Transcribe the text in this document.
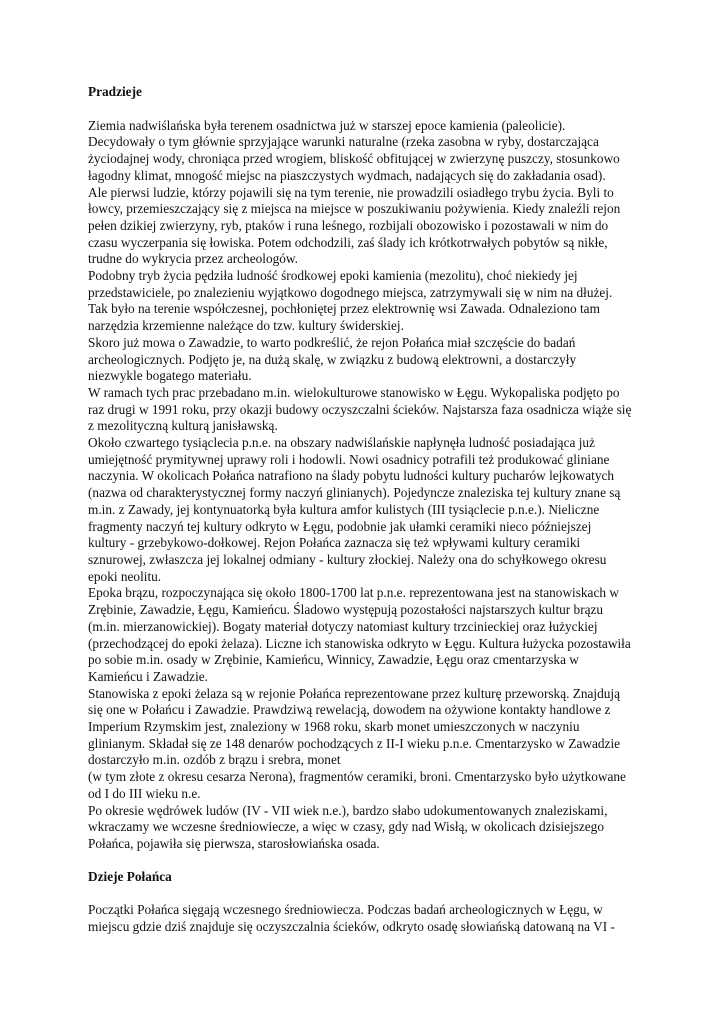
Pradzieje
Ziemia nadwiślańska była terenem osadnictwa już w starszej epoce kamienia (paleolicie).
Decydowały o tym głównie sprzyjające warunki naturalne (rzeka zasobna w ryby, dostarczająca
życiodajnej wody, chroniąca przed wrogiem, bliskość obfitującej w zwierzynę puszczy, stosunkowo
łagodny klimat, mnogość miejsc na piaszczystych wydmach, nadających się do zakładania osad).
Ale pierwsi ludzie, którzy pojawili się na tym terenie, nie prowadzili osiadłego trybu życia. Byli to
łowcy, przemieszczający się z miejsca na miejsce w poszukiwaniu pożywienia. Kiedy znaleźli rejon
pełen dzikiej zwierzyny, ryb, ptaków i runa leśnego, rozbijali obozowisko i pozostawali w nim do
czasu wyczerpania się łowiska. Potem odchodzili, zaś ślady ich krótkotrwałych pobytów są nikłe,
trudne do wykrycia przez archeologów.
Podobny tryb życia pędziła ludność środkowej epoki kamienia (mezolitu), choć niekiedy jej
przedstawiciele, po znalezieniu wyjątkowo dogodnego miejsca, zatrzymywali się w nim na dłużej.
Tak było na terenie współczesnej, pochłoniętej przez elektrownię wsi Zawada. Odnaleziono tam
narzędzia krzemienne należące do tzw. kultury świderskiej.
Skoro już mowa o Zawadzie, to warto podkreślić, że rejon Połańca miał szczęście do badań
archeologicznych. Podjęto je, na dużą skalę, w związku z budową elektrowni, a dostarczyły
niezwykle bogatego materiału.
W ramach tych prac przebadano m.in. wielokulturowe stanowisko w Łęgu. Wykopaliska podjęto po
raz drugi w 1991 roku, przy okazji budowy oczyszczalni ścieków. Najstarsza faza osadnicza wiąże się
z mezolityczną kulturą janisławską.
Około czwartego tysiąclecia p.n.e. na obszary nadwiślańskie napłynęła ludność posiadająca już
umiejętność prymitywnej uprawy roli i hodowli. Nowi osadnicy potrafili też produkować gliniane
naczynia. W okolicach Połańca natrafiono na ślady pobytu ludności kultury pucharów lejkowatych
(nazwa od charakterystycznej formy naczyń glinianych). Pojedyncze znaleziska tej kultury znane są
m.in. z Zawady, jej kontynuatorką była kultura amfor kulistych (III tysiąclecie p.n.e.). Nieliczne
fragmenty naczyń tej kultury odkryto w Łęgu, podobnie jak ułamki ceramiki nieco późniejszej
kultury - grzebykowo-dołkowej. Rejon Połańca zaznacza się też wpływami kultury ceramiki
sznurowej, zwłaszcza jej lokalnej odmiany - kultury złockiej. Należy ona do schyłkowego okresu
epoki neolitu.
Epoka brązu, rozpoczynająca się około 1800-1700 lat p.n.e. reprezentowana jest na stanowiskach w
Zrębinie, Zawadzie, Łęgu, Kamieńcu. Śladowo występują pozostałości najstarszych kultur brązu
(m.in. mierzanowickiej). Bogaty materiał dotyczy natomiast kultury trzcinieckiej oraz łużyckiej
(przechodzącej do epoki żelaza). Liczne ich stanowiska odkryto w Łęgu. Kultura łużycka pozostawiła
po sobie m.in. osady w Zrębinie, Kamieńcu, Winnicy, Zawadzie, Łęgu oraz cmentarzyska w
Kamieńcu i Zawadzie.
Stanowiska z epoki żelaza są w rejonie Połańca reprezentowane przez kulturę przeworską. Znajdują
się one w Połańcu i Zawadzie. Prawdziwą rewelacją, dowodem na ożywione kontakty handlowe z
Imperium Rzymskim jest, znaleziony w 1968 roku, skarb monet umieszczonych w naczyniu
glinianym. Składał się ze 148 denarów pochodzących z II-I wieku p.n.e. Cmentarzysko w Zawadzie
dostarczyło m.in. ozdób z brązu i srebra, monet
(w tym złote z okresu cesarza Nerona), fragmentów ceramiki, broni. Cmentarzysko było użytkowane
od I do III wieku n.e.
Po okresie wędrówek ludów (IV - VII wiek n.e.), bardzo słabo udokumentowanych znaleziskami,
wkraczamy we wczesne średniowiecze, a więc w czasy, gdy nad Wisłą, w okolicach dzisiejszego
Połańca, pojawiła się pierwsza, starosłowiańska osada.
Dzieje Połańca
Początki Połańca sięgają wczesnego średniowiecza. Podczas badań archeologicznych w Łęgu, w
miejscu gdzie dziś znajduje się oczyszczalnia ścieków, odkryto osadę słowiańską datowaną na VI -
